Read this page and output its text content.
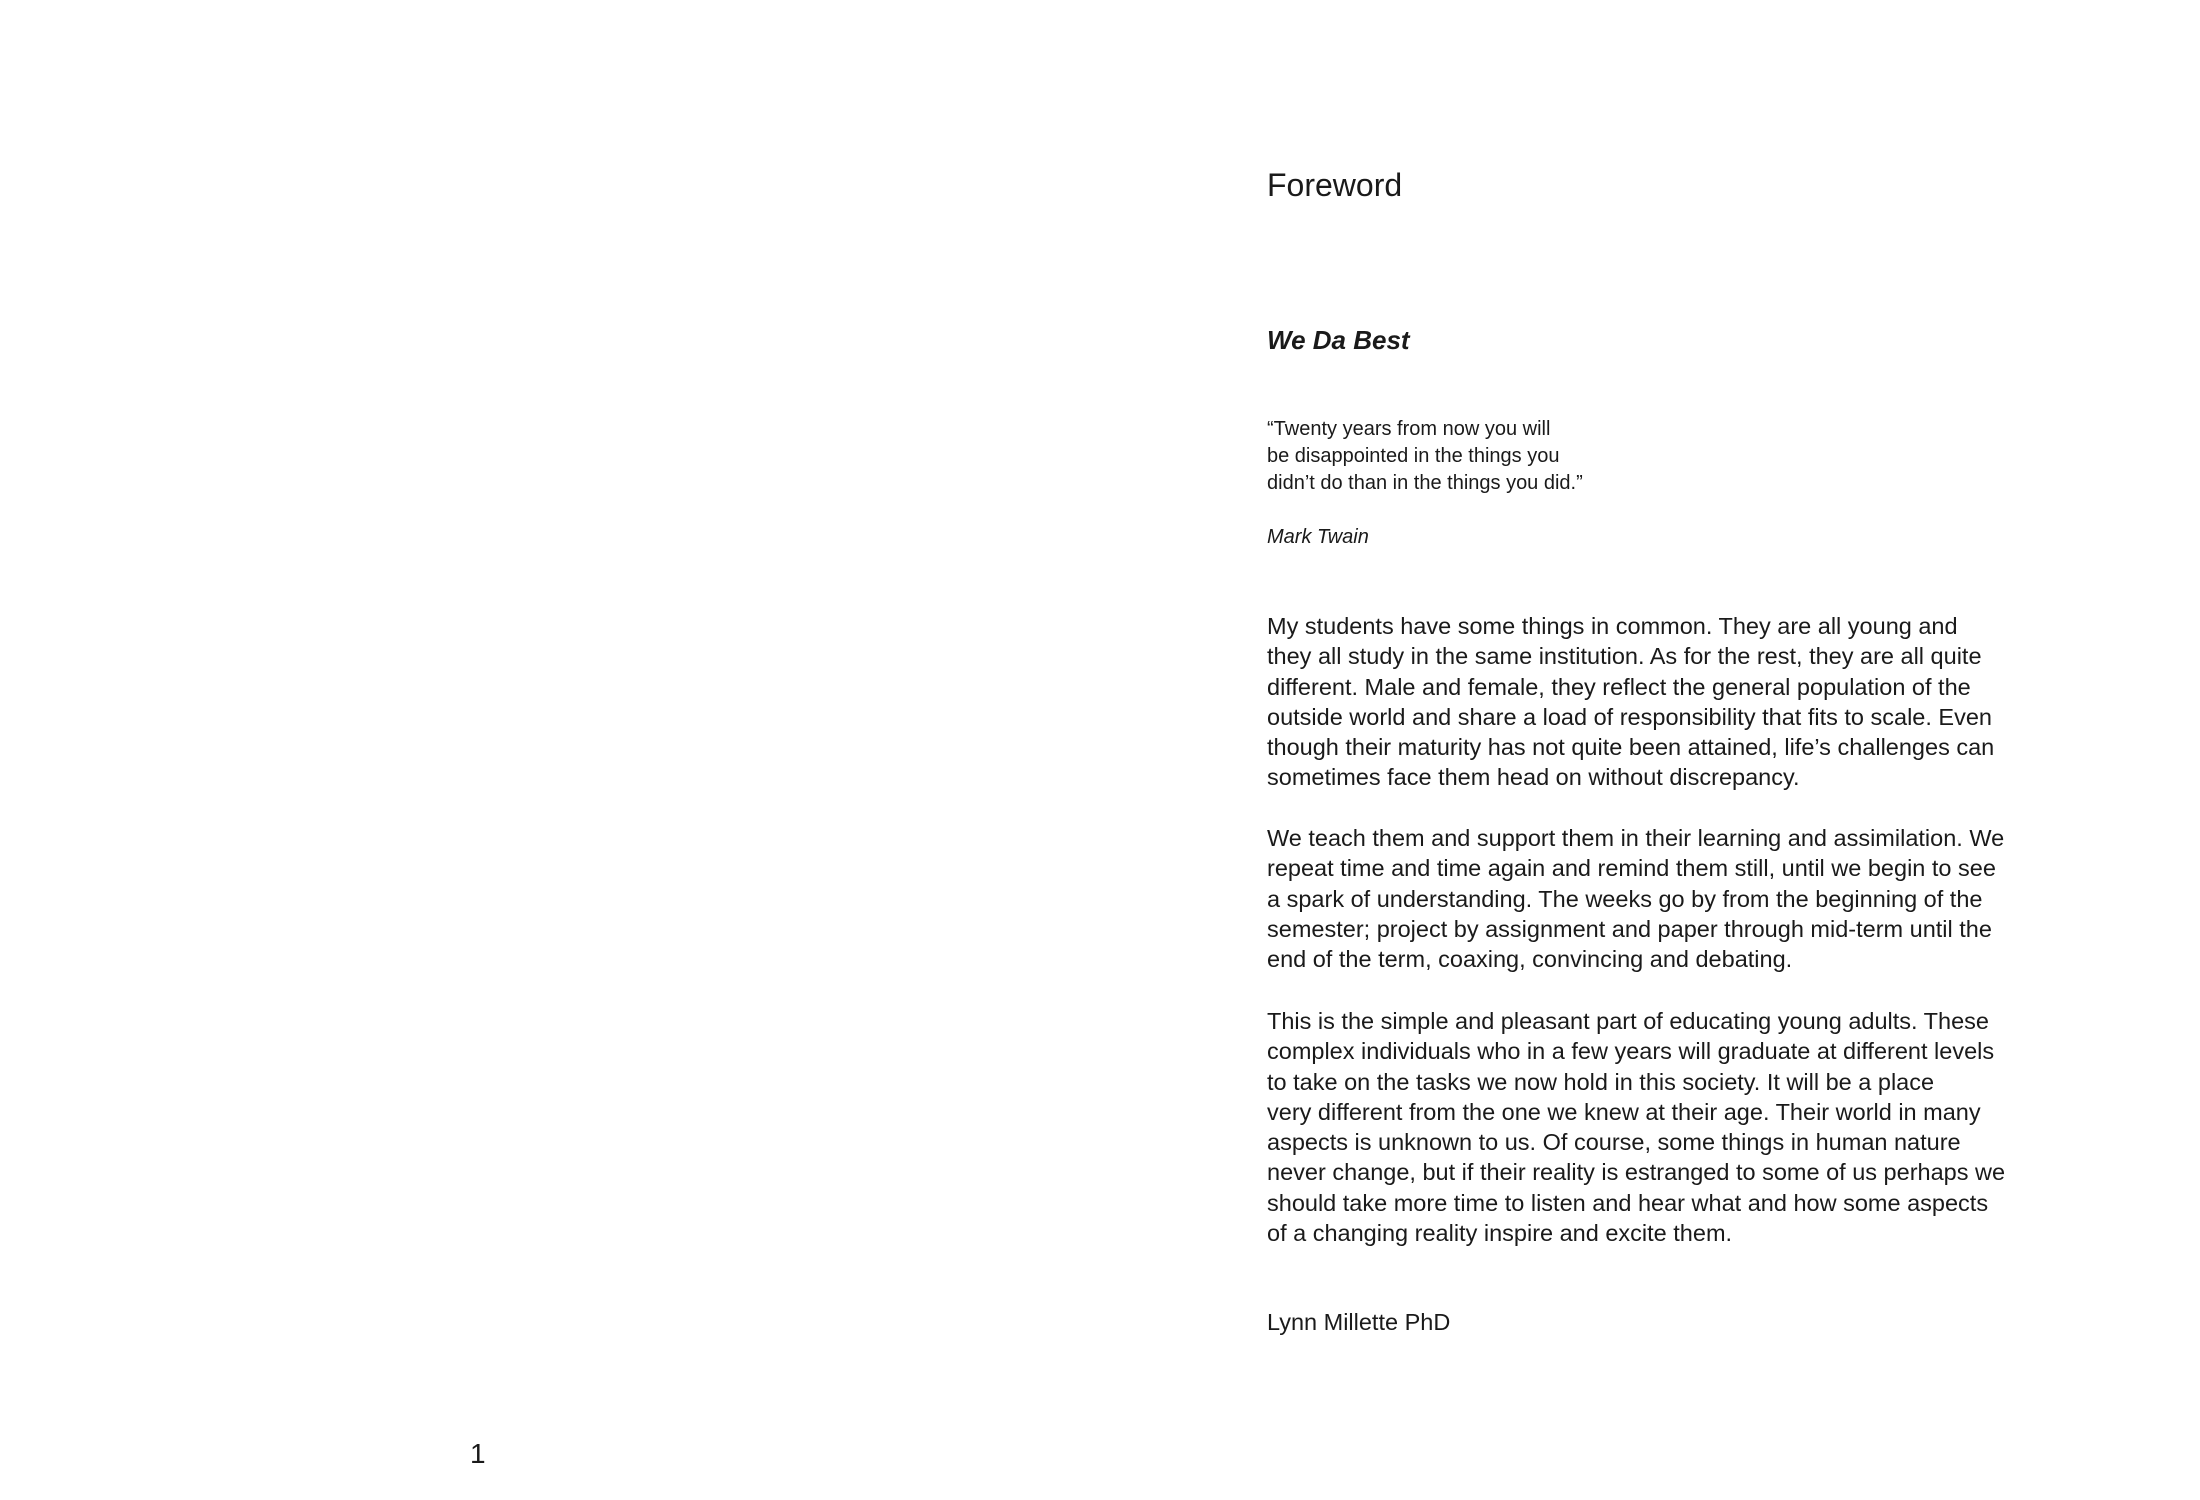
1
Foreword
We Da Best

“Twenty years from now you will
be disappointed in the things you
didn’t do than in the things you did.”

Mark Twain

My students have some things in common. They are all young and
they all study in the same institution. As for the rest, they are all quite
different. Male and female, they reflect the general population of the
outside world and share a load of responsibility that fits to scale. Even
though their maturity has not quite been attained, life’s challenges can
sometimes face them head on without discrepancy.

We teach them and support them in their learning and assimilation. We
repeat time and time again and remind them still, until we begin to see
a spark of understanding. The weeks go by from the beginning of the
semester; project by assignment and paper through mid-term until the
end of the term, coaxing, convincing and debating.

This is the simple and pleasant part of educating young adults. These
complex individuals who in a few years will graduate at different levels
to take on the tasks we now hold in this society. It will be a place
very different from the one we knew at their age. Their world in many
aspects is unknown to us. Of course, some things in human nature
never change, but if their reality is estranged to some of us perhaps we
should take more time to listen and hear what and how some aspects
of a changing reality inspire and excite them.

Lynn Millette PhD
